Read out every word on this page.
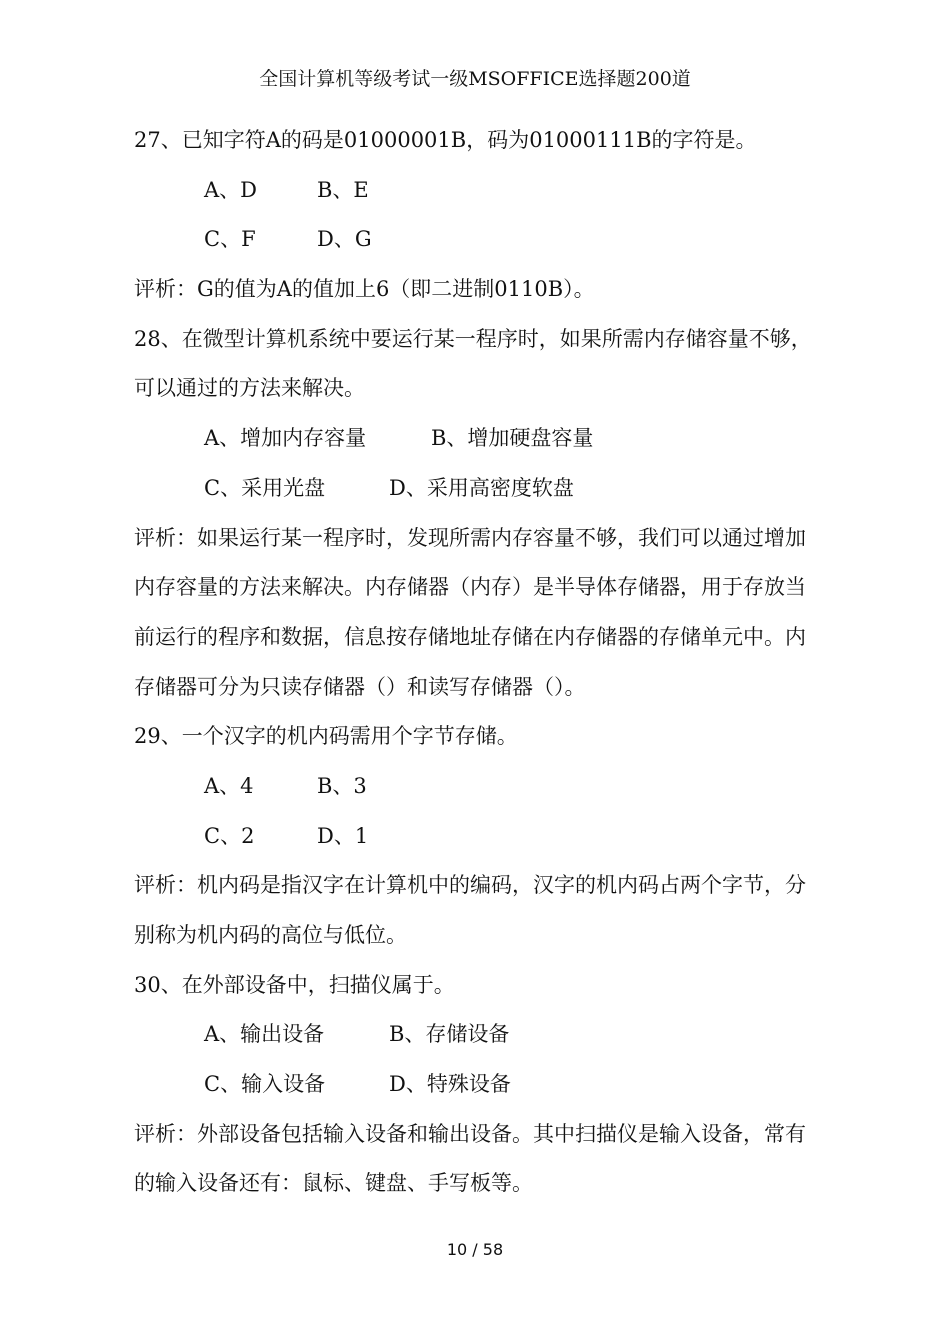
全国计算机等级考试一级MSOFFICE选择题200道
27、已知字符A的码是01000001B，码为01000111B的字符是。
A、D	B、E
C、F	D、G
评析：G的值为A的值加上6（即二进制0110B）。
28、在微型计算机系统中要运行某一程序时，如果所需内存储容量不够，
可以通过的方法来解决。
A、增加内存容量	B、增加硬盘容量
C、采用光盘	D、采用高密度软盘
评析：如果运行某一程序时，发现所需内存容量不够，我们可以通过增加
内存容量的方法来解决。内存储器（内存）是半导体存储器，用于存放当
前运行的程序和数据，信息按存储地址存储在内存储器的存储单元中。内
存储器可分为只读存储器（）和读写存储器（）。
29、一个汉字的机内码需用个字节存储。
A、4	B、3
C、2	D、1
评析：机内码是指汉字在计算机中的编码，汉字的机内码占两个字节，分
别称为机内码的高位与低位。
30、在外部设备中，扫描仪属于。
A、输出设备	B、存储设备
C、输入设备	D、特殊设备
评析：外部设备包括输入设备和输出设备。其中扫描仪是输入设备，常有
的输入设备还有：鼠标、键盘、手写板等。
10 / 58
